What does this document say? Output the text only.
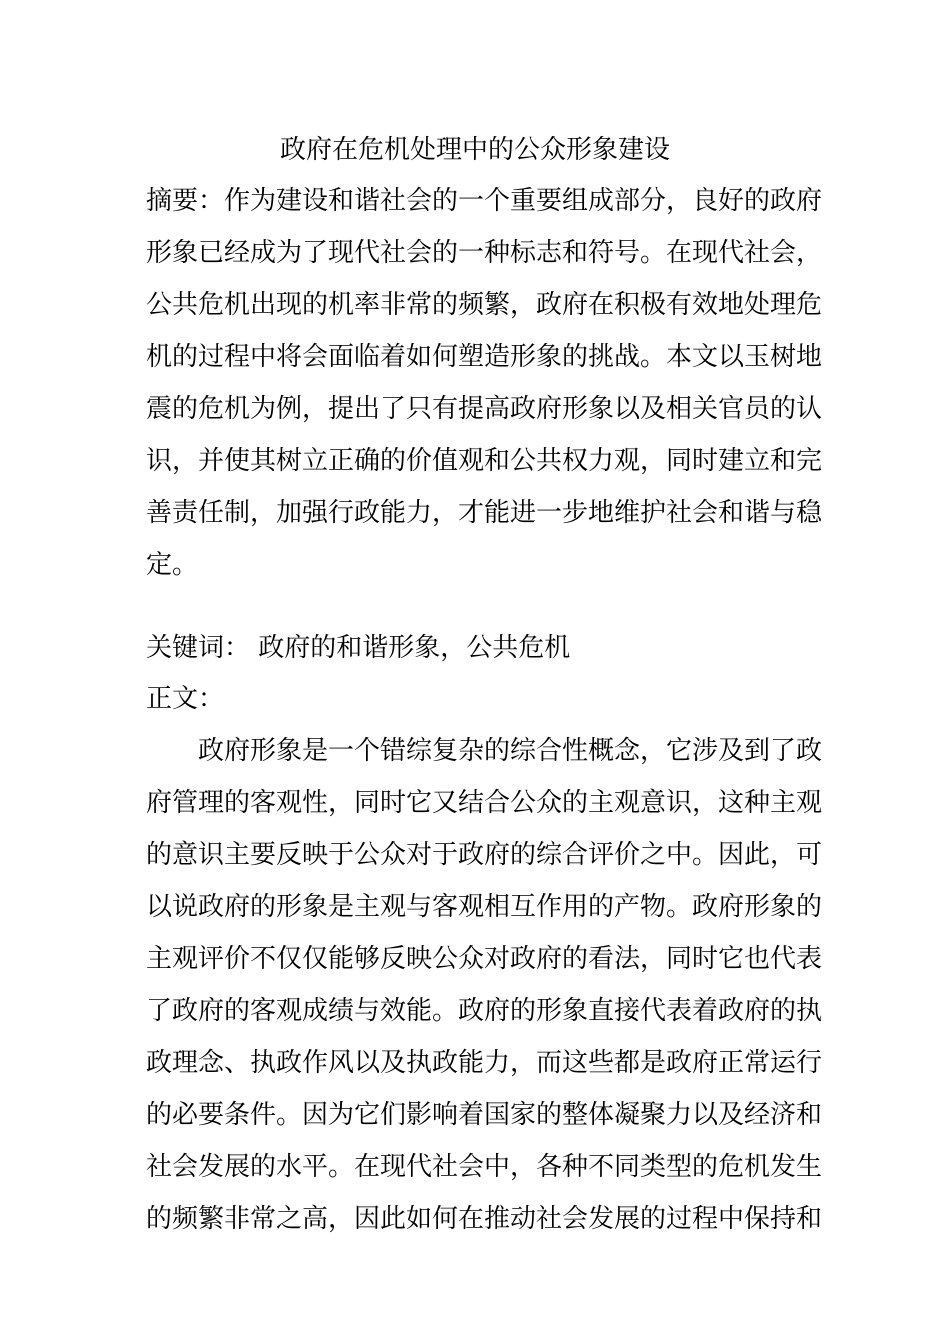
政府在危机处理中的公众形象建设
摘要：作为建设和谐社会的一个重要组成部分，良好的政府
形象已经成为了现代社会的一种标志和符号。在现代社会，
公共危机出现的机率非常的频繁，政府在积极有效地处理危
机的过程中将会面临着如何塑造形象的挑战。本文以玉树地
震的危机为例，提出了只有提高政府形象以及相关官员的认
识，并使其树立正确的价值观和公共权力观，同时建立和完
善责任制，加强行政能力，才能进一步地维护社会和谐与稳
定。
关键词： 政府的和谐形象，公共危机
正文：
政府形象是一个错综复杂的综合性概念，它涉及到了政
府管理的客观性，同时它又结合公众的主观意识，这种主观
的意识主要反映于公众对于政府的综合评价之中。因此，可
以说政府的形象是主观与客观相互作用的产物。政府形象的
主观评价不仅仅能够反映公众对政府的看法，同时它也代表
了政府的客观成绩与效能。政府的形象直接代表着政府的执
政理念、执政作风以及执政能力，而这些都是政府正常运行
的必要条件。因为它们影响着国家的整体凝聚力以及经济和
社会发展的水平。在现代社会中，各种不同类型的危机发生
的频繁非常之高，因此如何在推动社会发展的过程中保持和
